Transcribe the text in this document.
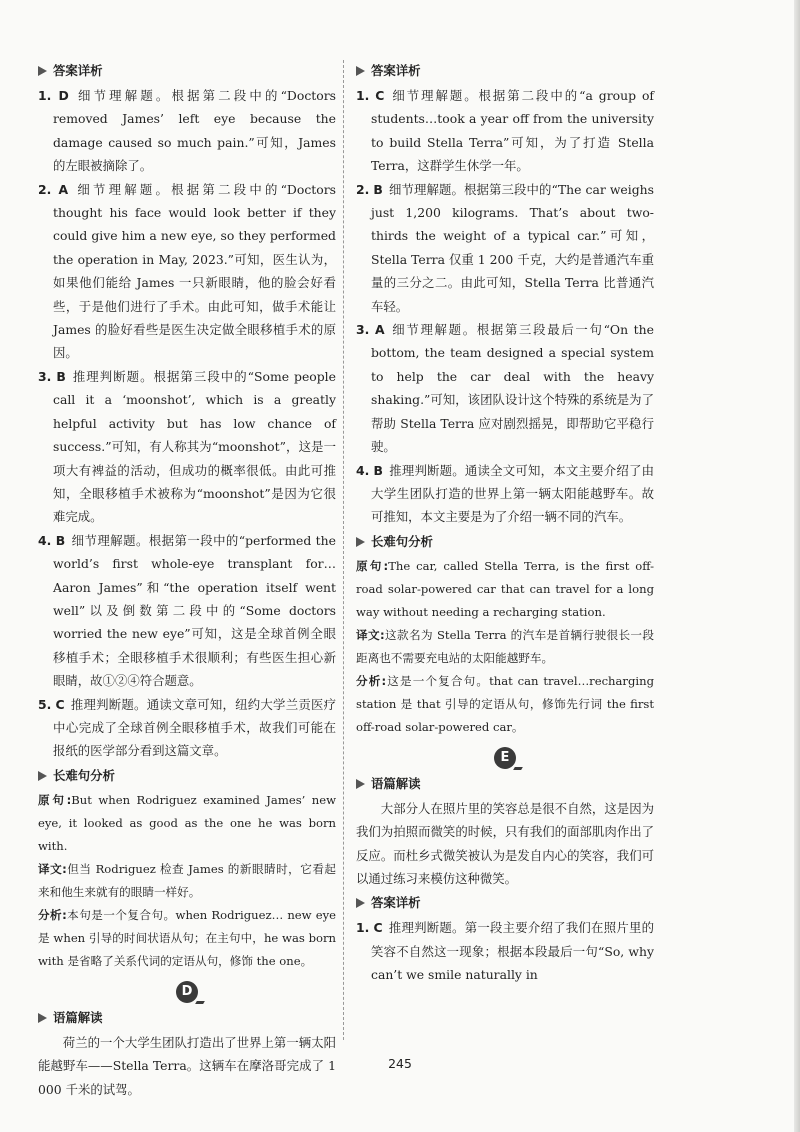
答案详析

1. D 细节理解题。根据第二段中的“Doctors removed James’ left eye because the damage caused so much pain.”可知，James 的左眼被摘除了。

2. A 细节理解题。根据第二段中的“Doctors thought his face would look better if they could give him a new eye, so they performed the operation in May, 2023.”可知，医生认为，如果他们能给 James 一只新眼睛，他的脸会好看些，于是他们进行了手术。由此可知，做手术能让 James 的脸好看些是医生决定做全眼移植手术的原因。

3. B 推理判断题。根据第三段中的“Some people call it a ‘moonshot’, which is a greatly helpful activity but has low chance of success.”可知，有人称其为“moonshot”，这是一项大有裨益的活动，但成功的概率很低。由此可推知，全眼移植手术被称为“moonshot”是因为它很难完成。

4. B 细节理解题。根据第一段中的“performed the world’s first whole-eye transplant for… Aaron James”和“the operation itself went well”以及倒数第二段中的“Some doctors worried the new eye”可知，这是全球首例全眼移植手术；全眼移植手术很顺利；有些医生担心新眼睛，故①②④符合题意。

5. C 推理判断题。通读文章可知，纽约大学兰贡医疗中心完成了全球首例全眼移植手术，故我们可能在报纸的医学部分看到这篇文章。

长难句分析

原句:But when Rodriguez examined James’ new eye, it looked as good as the one he was born with.

译文:但当 Rodriguez 检查 James 的新眼睛时，它看起来和他生来就有的眼睛一样好。

分析:本句是一个复合句。when Rodriguez… new eye 是 when 引导的时间状语从句；在主句中，he was born with 是省略了关系代词的定语从句，修饰 the one。

D
语篇解读

荷兰的一个大学生团队打造出了世界上第一辆太阳能越野车——Stella Terra。这辆车在摩洛哥完成了 1 000 千米的试驾。

答案详析

1. C 细节理解题。根据第二段中的“a group of students…took a year off from the university to build Stella Terra”可知，为了打造 Stella Terra，这群学生休学一年。

2. B 细节理解题。根据第三段中的“The car weighs just 1,200 kilograms. That’s about two-thirds the weight of a typical car.”可知，Stella Terra 仅重 1 200 千克，大约是普通汽车重量的三分之二。由此可知，Stella Terra 比普通汽车轻。

3. A 细节理解题。根据第三段最后一句“On the bottom, the team designed a special system to help the car deal with the heavy shaking.”可知，该团队设计这个特殊的系统是为了帮助 Stella Terra 应对剧烈摇晃，即帮助它平稳行驶。

4. B 推理判断题。通读全文可知，本文主要介绍了由大学生团队打造的世界上第一辆太阳能越野车。故可推知，本文主要是为了介绍一辆不同的汽车。

长难句分析

原句:The car, called Stella Terra, is the first off-road solar-powered car that can travel for a long way without needing a recharging station.

译文:这款名为 Stella Terra 的汽车是首辆行驶很长一段距离也不需要充电站的太阳能越野车。

分析:这是一个复合句。that can travel…recharging station 是 that 引导的定语从句，修饰先行词 the first off-road solar-powered car。

E
语篇解读

大部分人在照片里的笑容总是很不自然，这是因为我们为拍照而微笑的时候，只有我们的面部肌肉作出了反应。而杜乡式微笑被认为是发自内心的笑容，我们可以通过练习来模仿这种微笑。

答案详析

1. C 推理判断题。第一段主要介绍了我们在照片里的笑容不自然这一现象；根据本段最后一句“So, why can’t we smile naturally in

245
